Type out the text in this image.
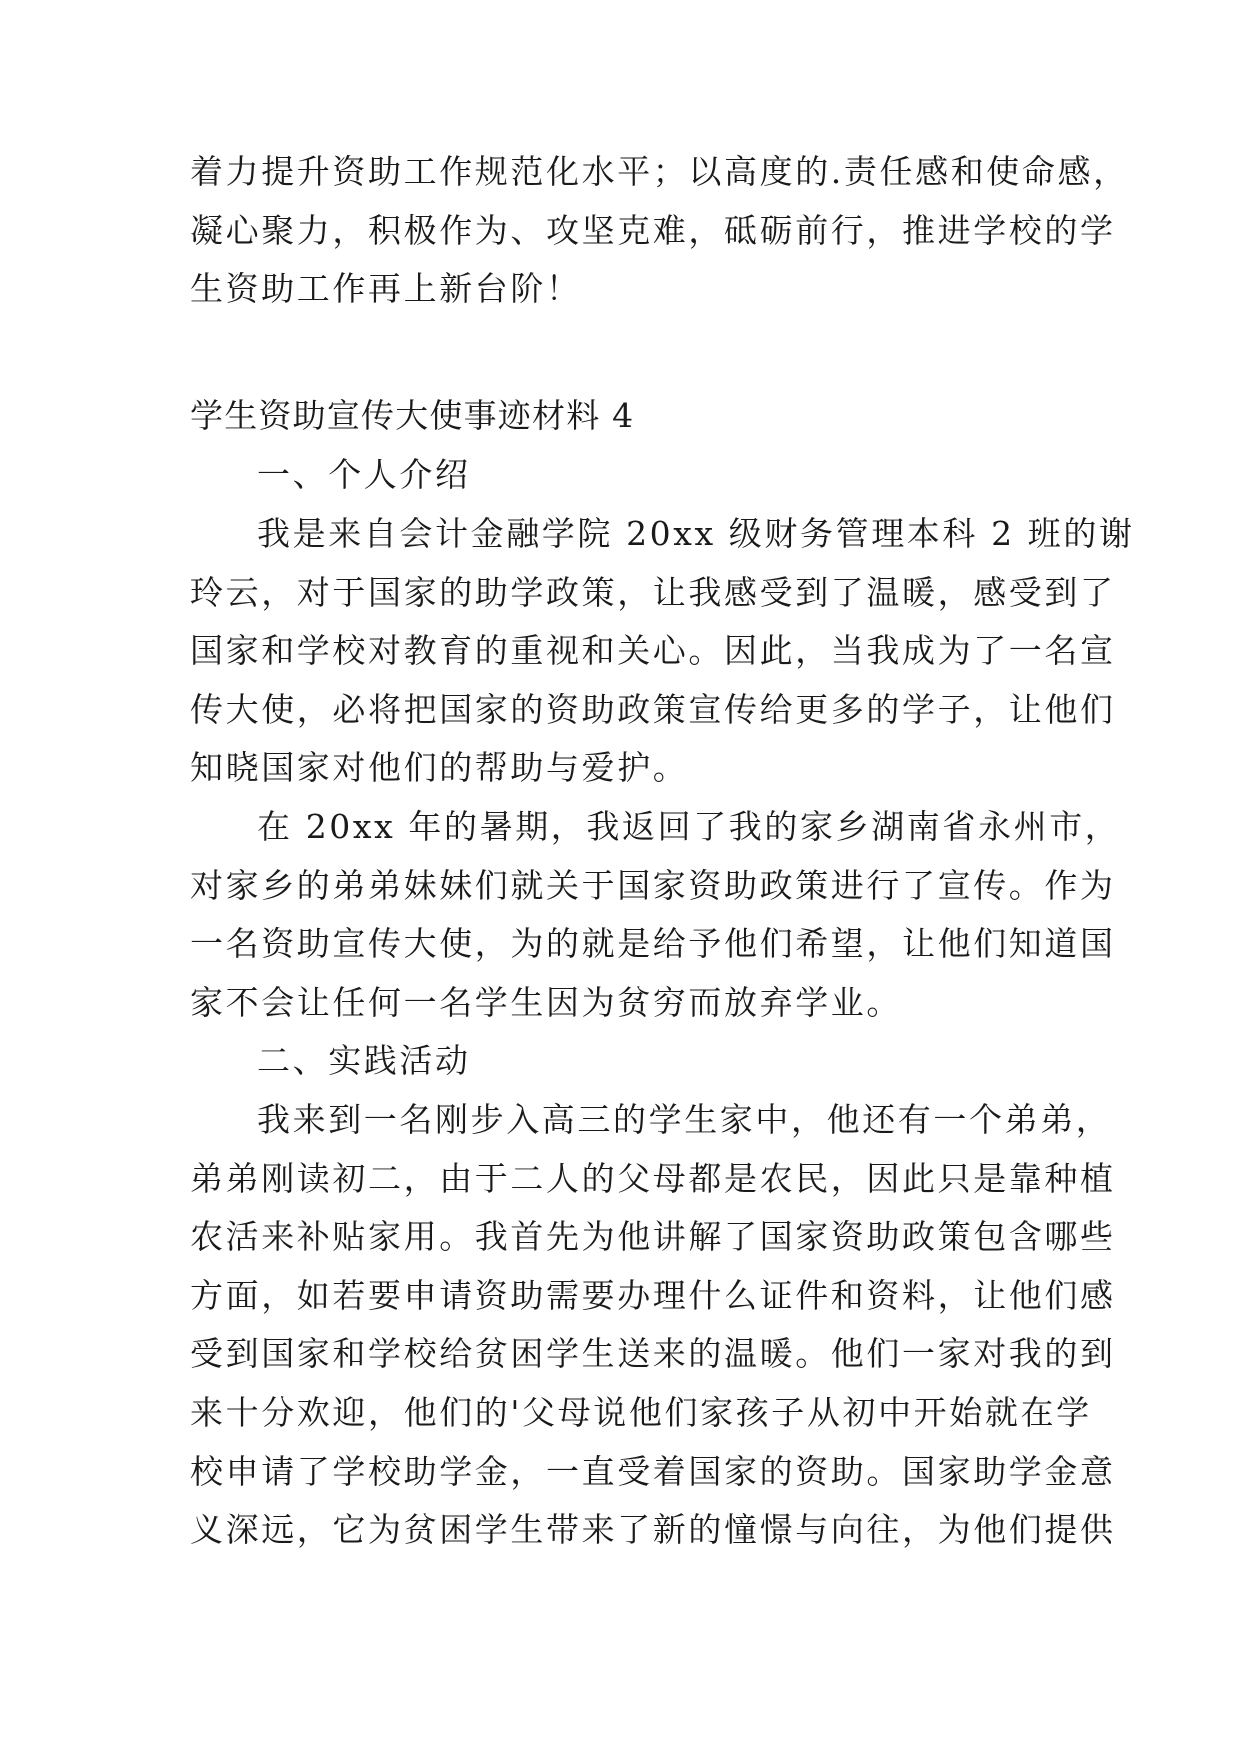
着力提升资助工作规范化水平；以高度的.责任感和使命感，
凝心聚力，积极作为、攻坚克难，砥砺前行，推进学校的学
生资助工作再上新台阶！
学生资助宣传大使事迹材料 4
一、个人介绍
我是来自会计金融学院 20xx 级财务管理本科 2 班的谢
玲云，对于国家的助学政策，让我感受到了温暖，感受到了
国家和学校对教育的重视和关心。因此，当我成为了一名宣
传大使，必将把国家的资助政策宣传给更多的学子，让他们
知晓国家对他们的帮助与爱护。
在 20xx 年的暑期，我返回了我的家乡湖南省永州市，
对家乡的弟弟妹妹们就关于国家资助政策进行了宣传。作为
一名资助宣传大使，为的就是给予他们希望，让他们知道国
家不会让任何一名学生因为贫穷而放弃学业。
二、实践活动
我来到一名刚步入高三的学生家中，他还有一个弟弟，
弟弟刚读初二，由于二人的父母都是农民，因此只是靠种植
农活来补贴家用。我首先为他讲解了国家资助政策包含哪些
方面，如若要申请资助需要办理什么证件和资料，让他们感
受到国家和学校给贫困学生送来的温暖。他们一家对我的到
来十分欢迎，他们的'父母说他们家孩子从初中开始就在学
校申请了学校助学金，一直受着国家的资助。国家助学金意
义深远，它为贫困学生带来了新的憧憬与向往，为他们提供
